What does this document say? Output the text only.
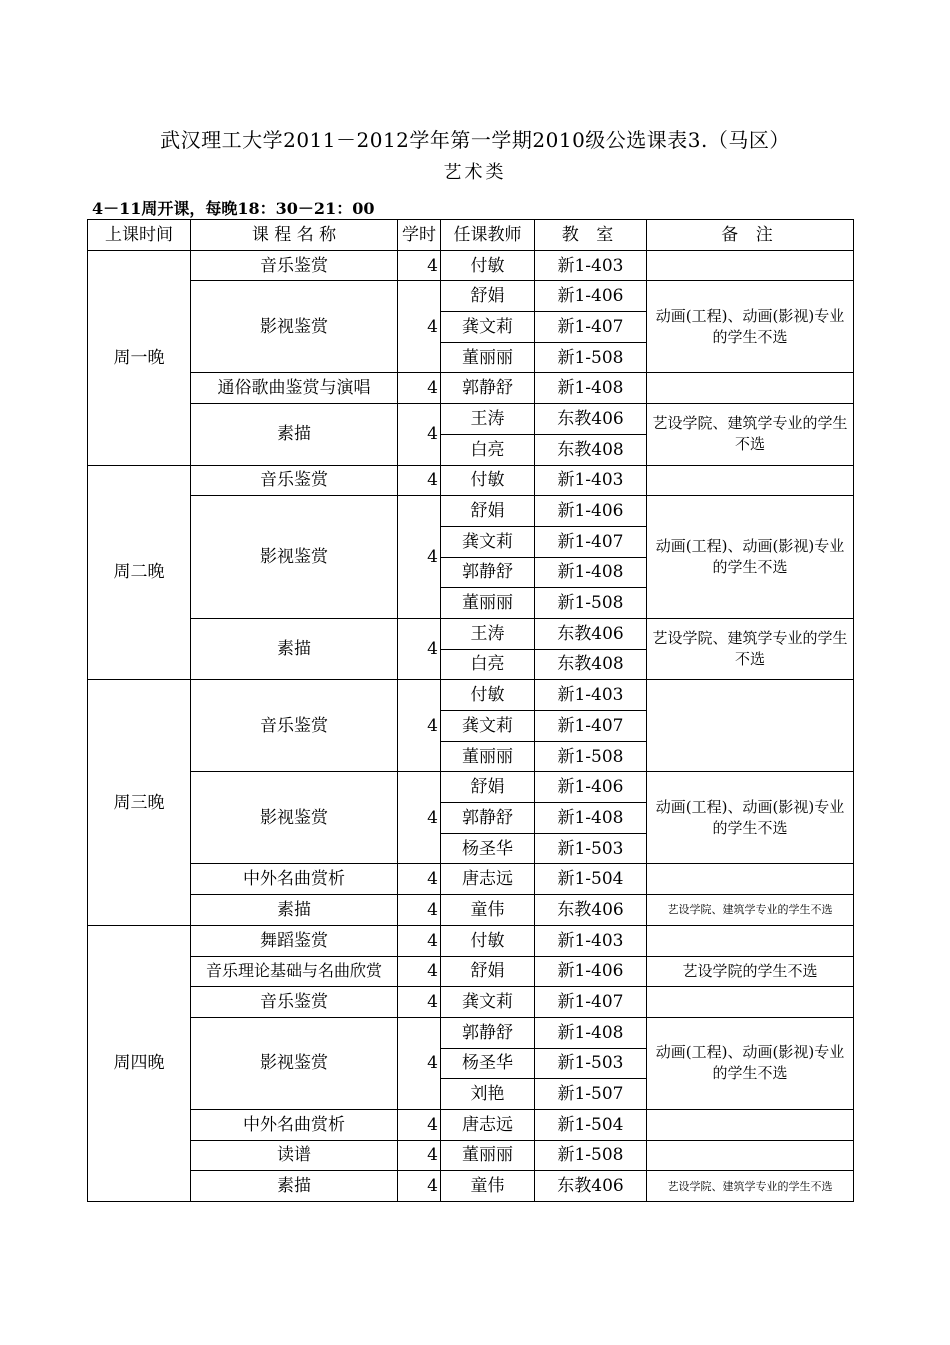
武汉理工大学2011－2012学年第一学期2010级公选课表3.（马区）
艺术类
4－11周开课，每晚18：30－21：00
上课时间	课 程 名 称	学时	任课教师	教 室	备 注
周一晚	音乐鉴赏	4	付敏	新1-403	
	影视鉴赏	4	舒娟	新1-406	动画(工程)、动画(影视)专业的学生不选
			龚文莉	新1-407	
			董丽丽	新1-508	
	通俗歌曲鉴赏与演唱	4	郭静舒	新1-408	
	素描	4	王涛	东教406	艺设学院、建筑学专业的学生不选
			白亮	东教408	
周二晚	音乐鉴赏	4	付敏	新1-403	
	影视鉴赏	4	舒娟	新1-406	动画(工程)、动画(影视)专业的学生不选
			龚文莉	新1-407	
			郭静舒	新1-408	
			董丽丽	新1-508	
	素描	4	王涛	东教406	艺设学院、建筑学专业的学生不选
			白亮	东教408	
周三晚	音乐鉴赏	4	付敏	新1-403	
			龚文莉	新1-407	
			董丽丽	新1-508	
	影视鉴赏	4	舒娟	新1-406	动画(工程)、动画(影视)专业的学生不选
			郭静舒	新1-408	
			杨圣华	新1-503	
	中外名曲赏析	4	唐志远	新1-504	
	素描	4	童伟	东教406	艺设学院、建筑学专业的学生不选
周四晚	舞蹈鉴赏	4	付敏	新1-403	
	音乐理论基础与名曲欣赏	4	舒娟	新1-406	艺设学院的学生不选
	音乐鉴赏	4	龚文莉	新1-407	
	影视鉴赏	4	郭静舒	新1-408	动画(工程)、动画(影视)专业的学生不选
			杨圣华	新1-503	
			刘艳	新1-507	
	中外名曲赏析	4	唐志远	新1-504	
	读谱	4	董丽丽	新1-508	
	素描	4	童伟	东教406	艺设学院、建筑学专业的学生不选
